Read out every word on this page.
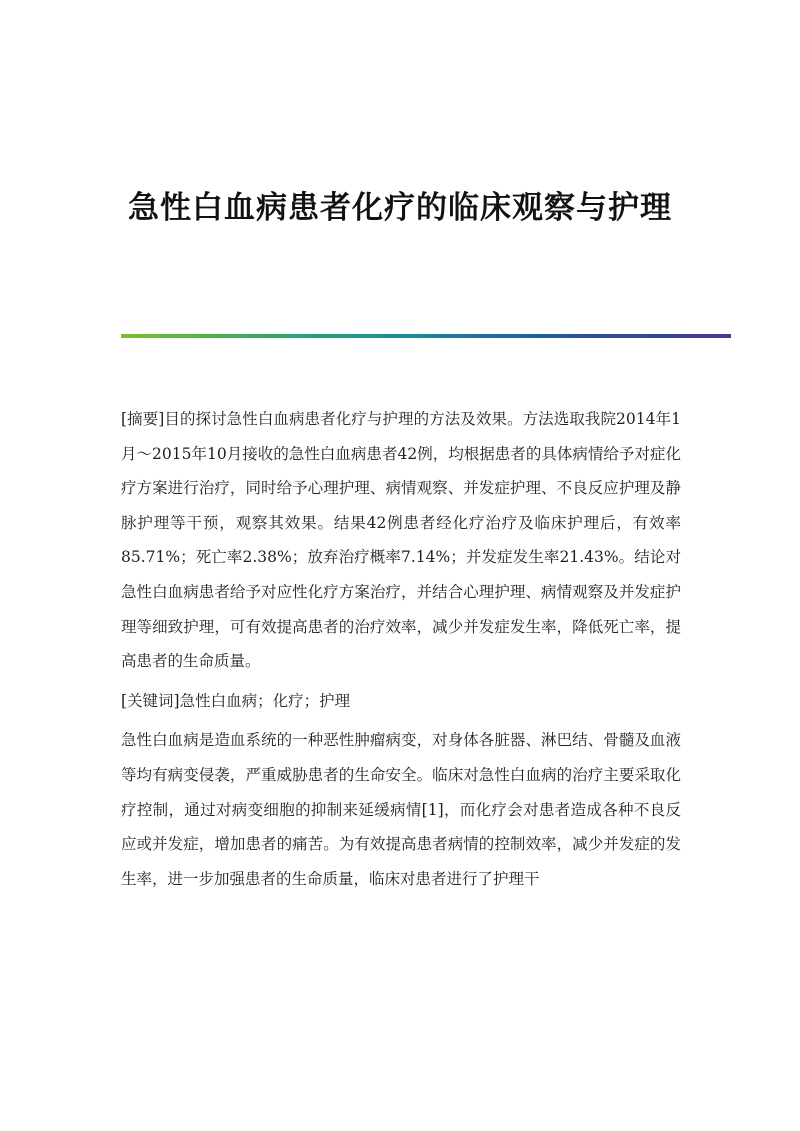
急性白血病患者化疗的临床观察与护理

[摘要]目的探讨急性白血病患者化疗与护理的方法及效果。方法选取我院2014年1月～2015年10月接收的急性白血病患者42例，均根据患者的具体病情给予对症化疗方案进行治疗，同时给予心理护理、病情观察、并发症护理、不良反应护理及静脉护理等干预，观察其效果。结果42例患者经化疗治疗及临床护理后，有效率85.71%；死亡率2.38%；放弃治疗概率7.14%；并发症发生率21.43%。结论对急性白血病患者给予对应性化疗方案治疗，并结合心理护理、病情观察及并发症护理等细致护理，可有效提高患者的治疗效率，减少并发症发生率，降低死亡率，提高患者的生命质量。

[关键词]急性白血病；化疗；护理

急性白血病是造血系统的一种恶性肿瘤病变，对身体各脏器、淋巴结、骨髓及血液等均有病变侵袭，严重威胁患者的生命安全。临床对急性白血病的治疗主要采取化疗控制，通过对病变细胞的抑制来延缓病情[1]，而化疗会对患者造成各种不良反应或并发症，增加患者的痛苦。为有效提高患者病情的控制效率，减少并发症的发生率，进一步加强患者的生命质量，临床对患者进行了护理干
